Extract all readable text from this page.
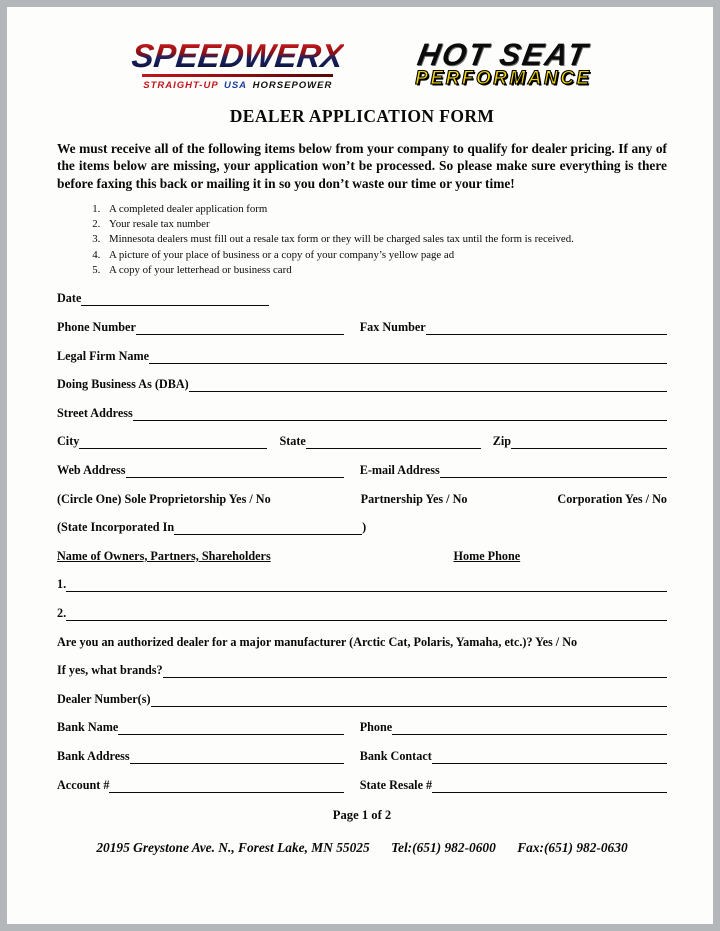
SPEEDWERX
STRAIGHT-UP USA HORSEPOWER
HOT SEAT
PERFORMANCE
DEALER APPLICATION FORM

We must receive all of the following items below from your company to qualify for dealer pricing. If any of the items below are missing, your application won’t be processed. So please make sure everything is there before faxing this back or mailing it in so you don’t waste our time or your time!

1. A completed dealer application form
2. Your resale tax number
3. Minnesota dealers must fill out a resale tax form or they will be charged sales tax until the form is received.
4. A picture of your place of business or a copy of your company’s yellow page ad
5. A copy of your letterhead or business card
Date
Phone Number	Fax Number
Legal Firm Name
Doing Business As (DBA)
Street Address
City	State	Zip
Web Address	E-mail Address
(Circle One) Sole Proprietorship Yes / No	Partnership Yes / No	Corporation Yes / No
(State Incorporated In	)
Name of Owners, Partners, Shareholders	Home Phone
1.
2.
Are you an authorized dealer for a major manufacturer (Arctic Cat, Polaris, Yamaha, etc.)? Yes / No
If yes, what brands?
Dealer Number(s)
Bank Name	Phone
Bank Address	Bank Contact
Account #	State Resale #
Page 1 of 2
20195 Greystone Ave. N., Forest Lake, MN 55025 Tel:(651) 982-0600 Fax:(651) 982-0630
